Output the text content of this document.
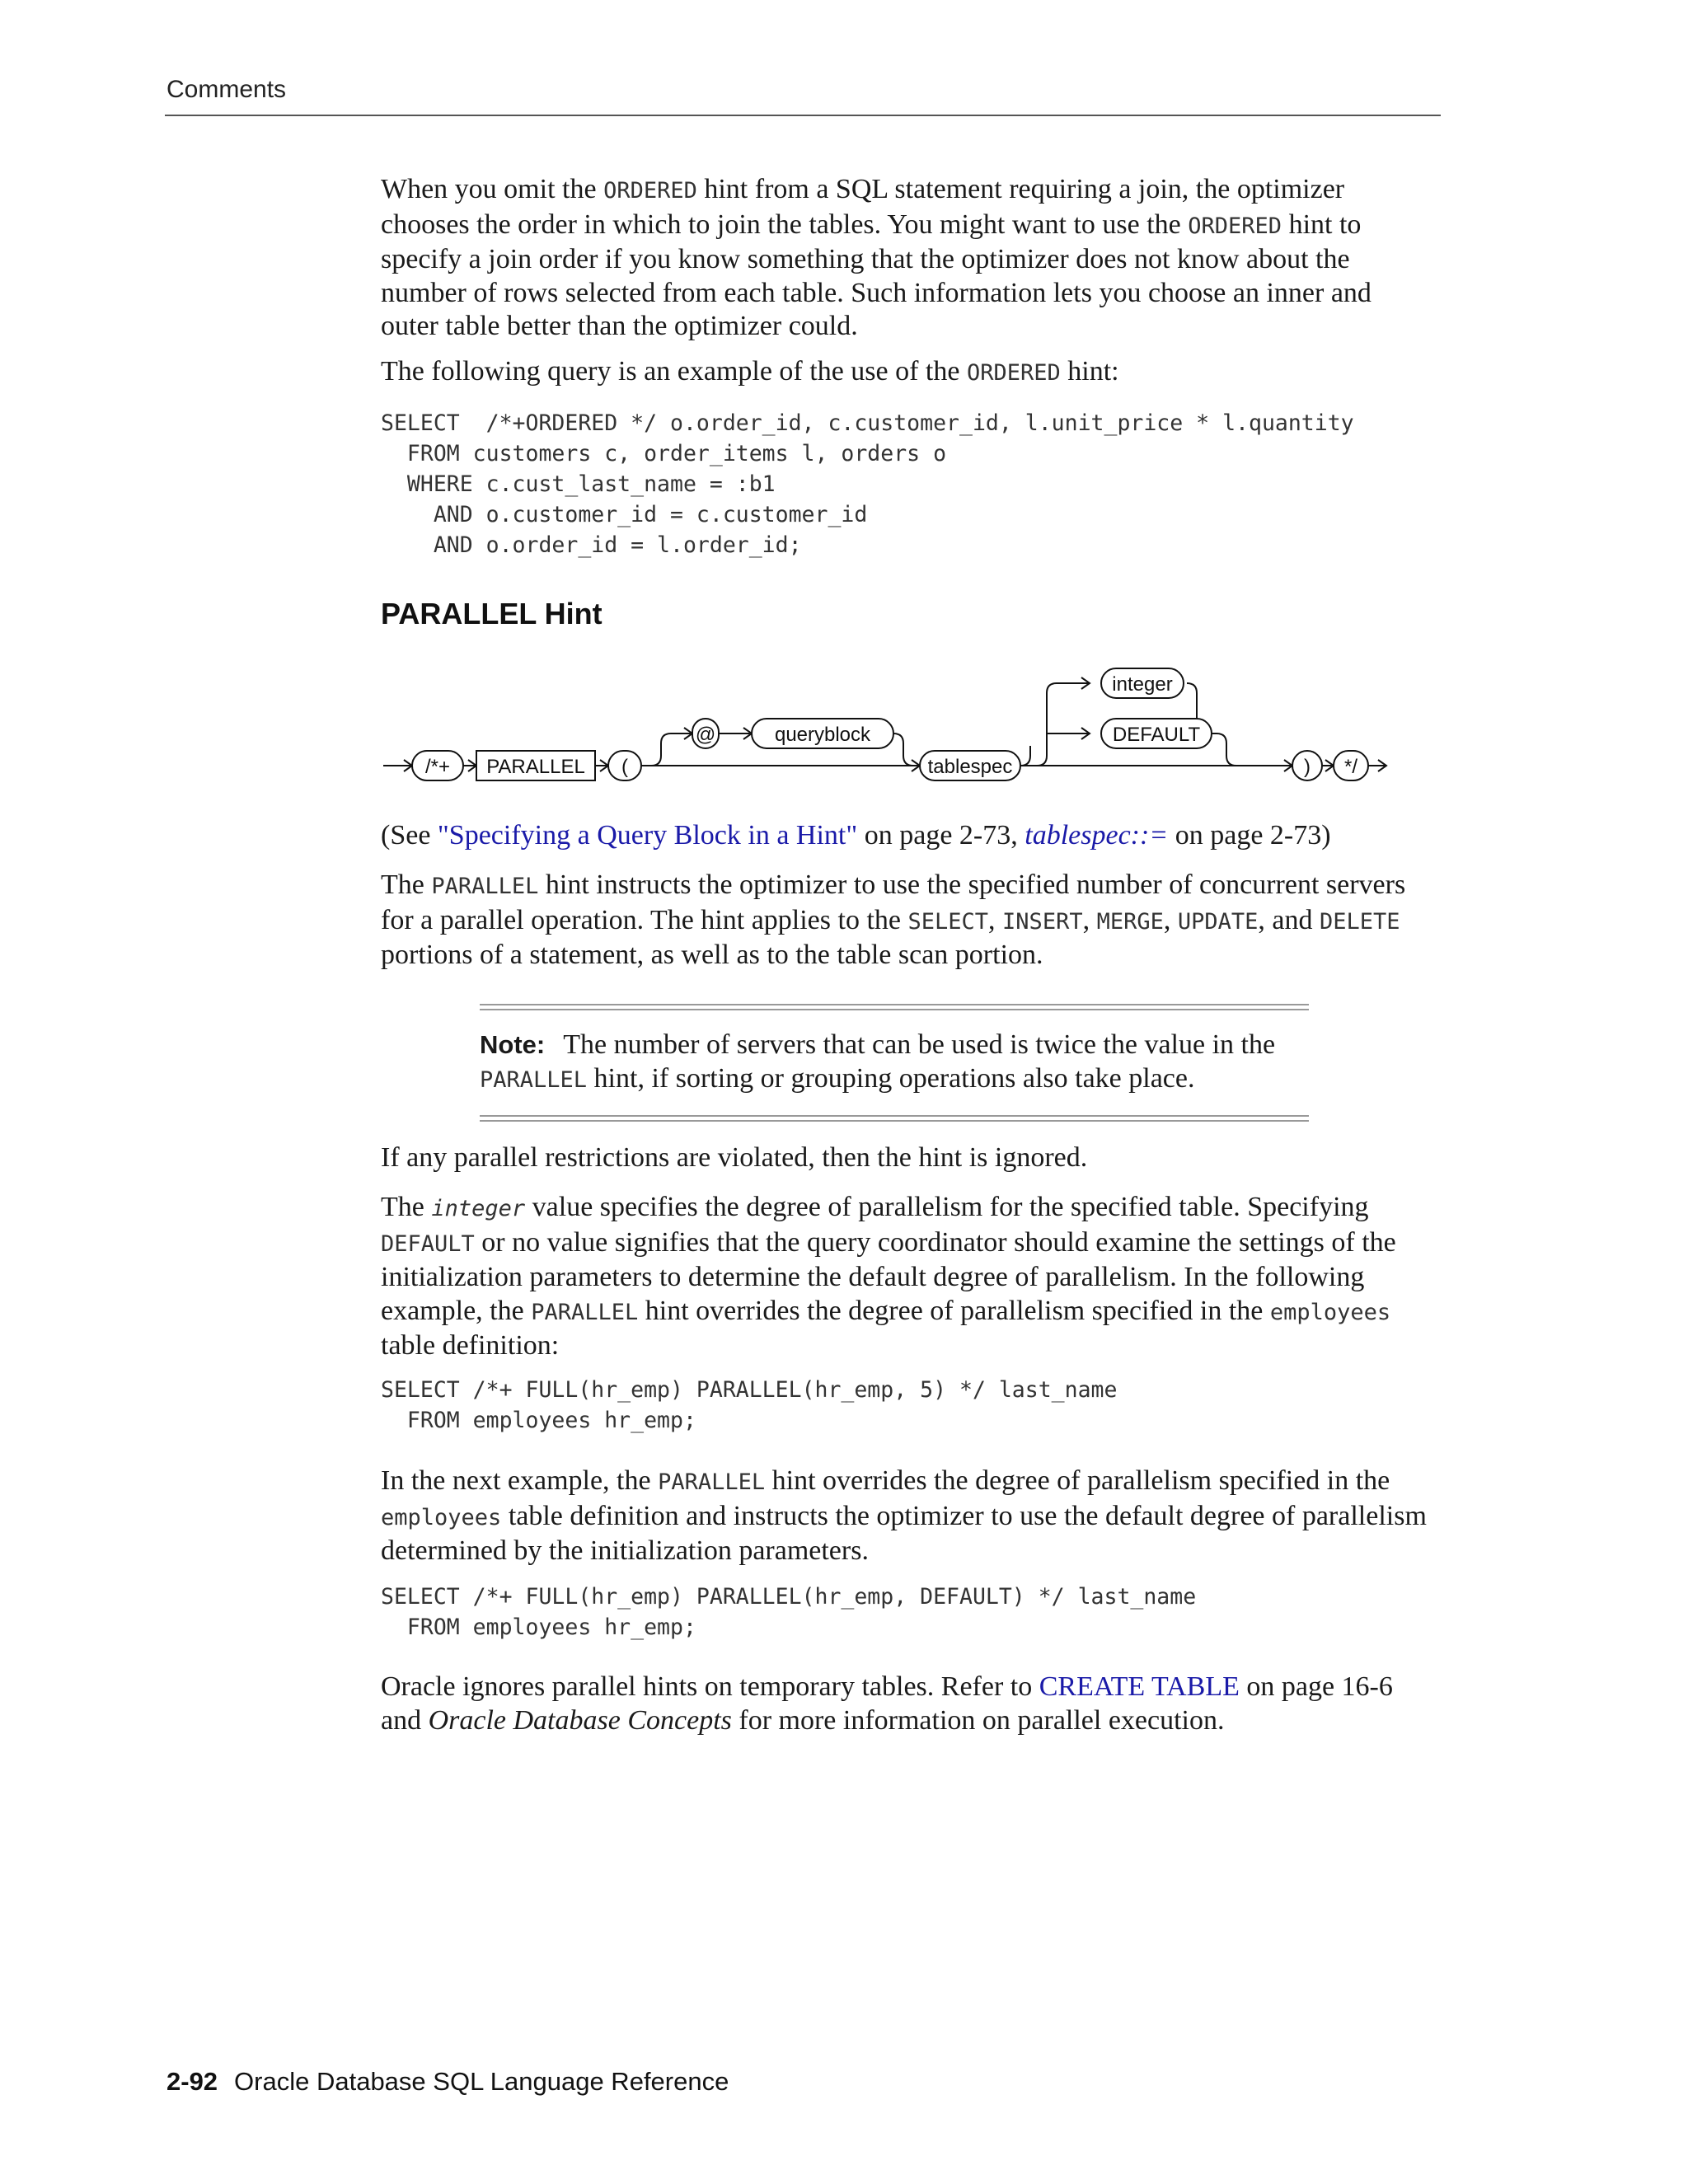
Comments
When you omit the ORDERED hint from a SQL statement requiring a join, the optimizer chooses the order in which to join the tables. You might want to use the ORDERED hint to specify a join order if you know something that the optimizer does not know about the number of rows selected from each table. Such information lets you choose an inner and outer table better than the optimizer could.
The following query is an example of the use of the ORDERED hint:
SELECT  /*+ORDERED */ o.order_id, c.customer_id, l.unit_price * l.quantity
FROM customers c, order_items l, orders o
WHERE c.cust_last_name = :b1
AND o.customer_id = c.customer_id
AND o.order_id = l.order_id;
PARALLEL Hint
/*+ PARALLEL (
@	queryblock
tablespec
integer
DEFAULT
) */
(See "Specifying a Query Block in a Hint" on page 2-73, tablespec::= on page 2-73)
The PARALLEL hint instructs the optimizer to use the specified number of concurrent servers for a parallel operation. The hint applies to the SELECT, INSERT, MERGE, UPDATE, and DELETE portions of a statement, as well as to the table scan portion.
Note: The number of servers that can be used is twice the value in the PARALLEL hint, if sorting or grouping operations also take place.
If any parallel restrictions are violated, then the hint is ignored.
The integer value specifies the degree of parallelism for the specified table. Specifying DEFAULT or no value signifies that the query coordinator should examine the settings of the initialization parameters to determine the default degree of parallelism. In the following example, the PARALLEL hint overrides the degree of parallelism specified in the employees table definition:
SELECT /*+ FULL(hr_emp) PARALLEL(hr_emp, 5) */ last_name
FROM employees hr_emp;
In the next example, the PARALLEL hint overrides the degree of parallelism specified in the employees table definition and instructs the optimizer to use the default degree of parallelism determined by the initialization parameters.
SELECT /*+ FULL(hr_emp) PARALLEL(hr_emp, DEFAULT) */ last_name
FROM employees hr_emp;
Oracle ignores parallel hints on temporary tables. Refer to CREATE TABLE on page 16-6 and Oracle Database Concepts for more information on parallel execution.
2-92 Oracle Database SQL Language Reference
